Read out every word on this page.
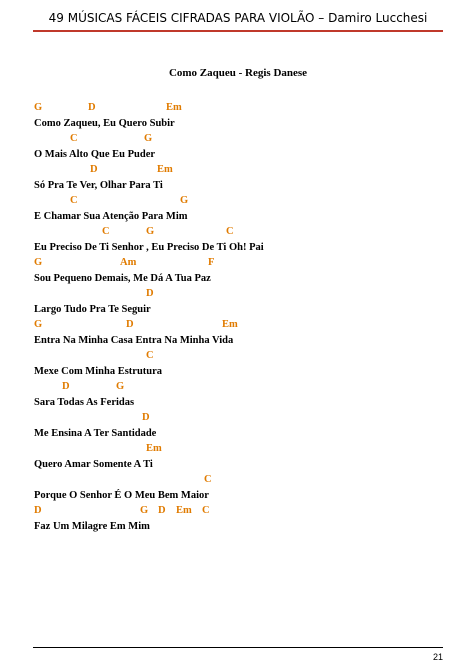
49 MÚSICAS FÁCEIS CIFRADAS PARA VIOLÃO – Damiro Lucchesi
Como Zaqueu - Regis Danese
G	D	Em
Como Zaqueu, Eu Quero Subir
C	G
O Mais Alto Que Eu Puder
D	Em
Só Pra Te Ver, Olhar Para Ti
C	G
E Chamar Sua Atenção Para Mim
C	G	C
Eu Preciso De Ti Senhor , Eu Preciso De Ti Oh! Pai
G	Am	F
Sou Pequeno Demais, Me Dá A Tua Paz
D
Largo Tudo Pra Te Seguir
G	D	Em
Entra Na Minha Casa Entra Na Minha Vida
C
Mexe Com Minha Estrutura
D	G
Sara Todas As Feridas
D
Me Ensina A Ter Santidade
Em
Quero Amar Somente A Ti
C
Porque O Senhor É O Meu Bem Maior
D	G D Em C
Faz Um Milagre Em Mim
21
